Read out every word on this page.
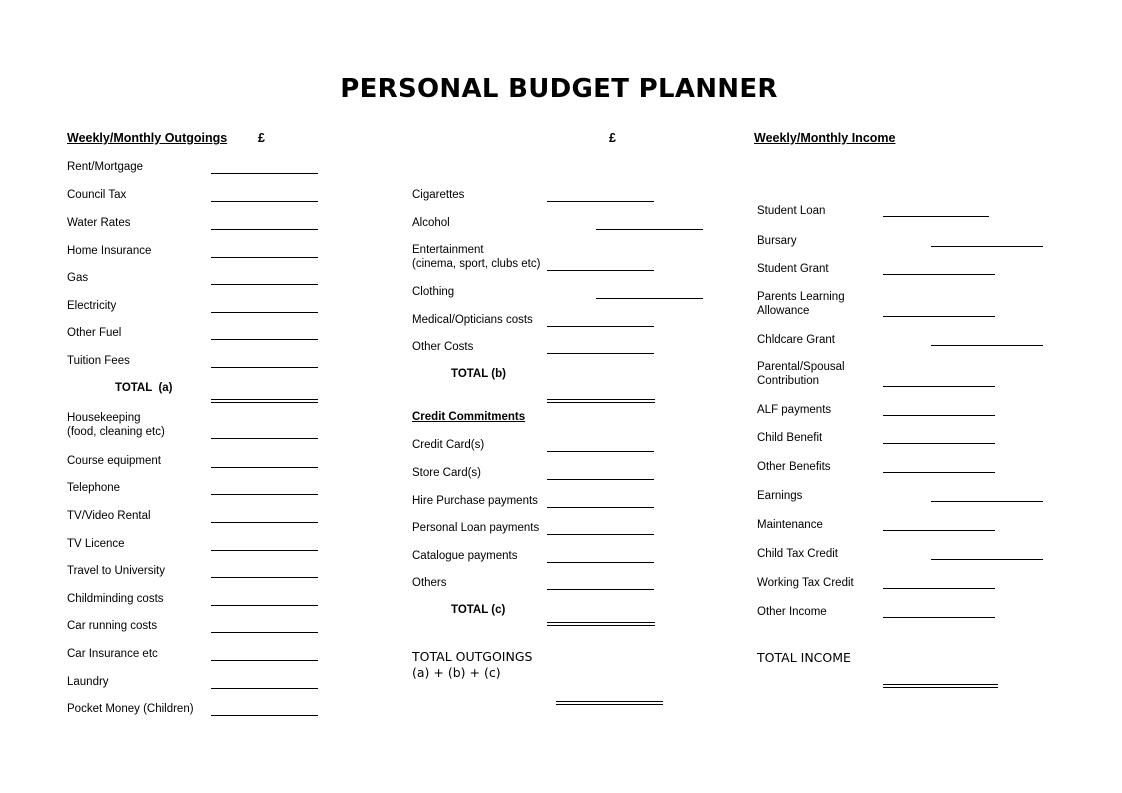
PERSONAL BUDGET PLANNER
Weekly/Monthly Outgoings £
Rent/Mortgage
Council Tax
Water Rates
Home Insurance
Gas
Electricity
Other Fuel
Tuition Fees
TOTAL  (a)
Housekeeping
(food, cleaning etc)
Course equipment
Telephone
TV/Video Rental
TV Licence
Travel to University
Childminding costs
Car running costs
Car Insurance etc
Laundry
Pocket Money (Children)
£
Cigarettes
Alcohol
Entertainment
(cinema, sport, clubs etc)
Clothing
Medical/Opticians costs
Other Costs
TOTAL (b)
Credit Commitments
Credit Card(s)
Store Card(s)
Hire Purchase payments
Personal Loan payments
Catalogue payments
Others
TOTAL (c)
TOTAL OUTGOINGS
(a) + (b) + (c)
Weekly/Monthly Income
Student Loan
Bursary
Student Grant
Parents Learning
Allowance
Chldcare Grant
Parental/Spousal
Contribution
ALF payments
Child Benefit
Other Benefits
Earnings
Maintenance
Child Tax Credit
Working Tax Credit
Other Income
TOTAL INCOME
